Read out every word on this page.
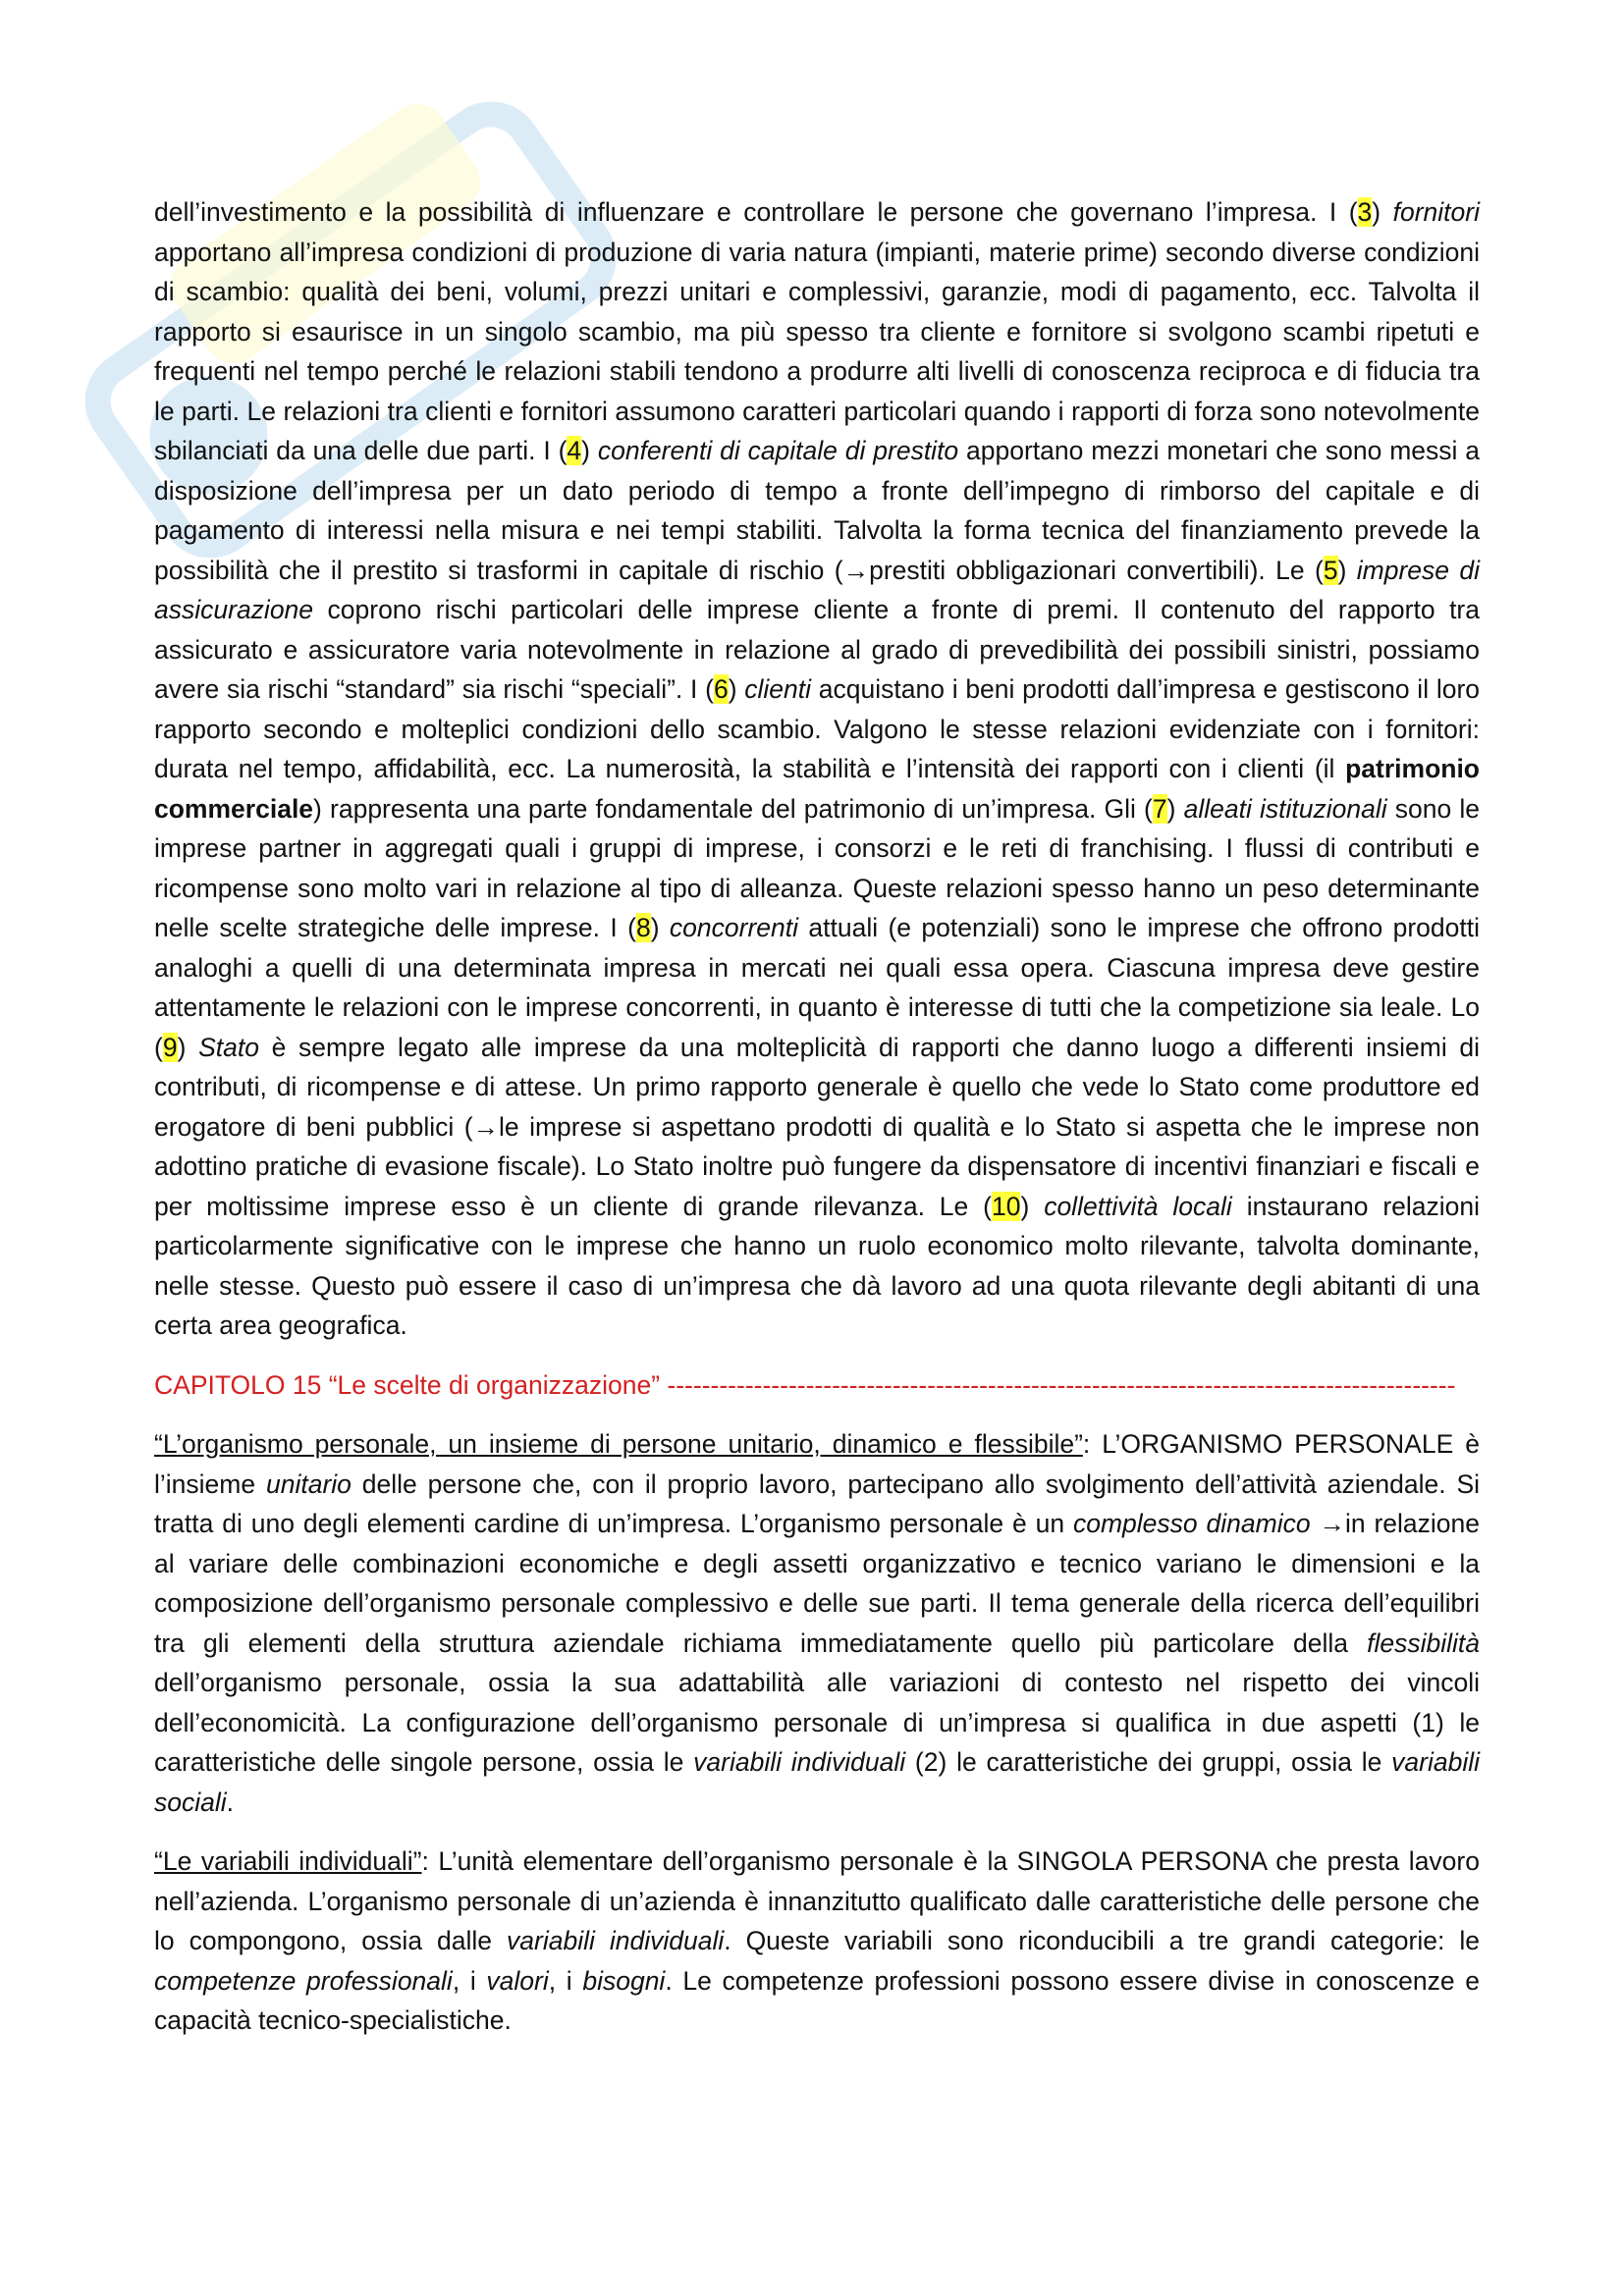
dell’investimento e la possibilità di influenzare e controllare le persone che governano l’impresa. I (3) fornitori apportano all’impresa condizioni di produzione di varia natura (impianti, materie prime) secondo diverse condizioni di scambio: qualità dei beni, volumi, prezzi unitari e complessivi, garanzie, modi di pagamento, ecc. Talvolta il rapporto si esaurisce in un singolo scambio, ma più spesso tra cliente e fornitore si svolgono scambi ripetuti e frequenti nel tempo perché le relazioni stabili tendono a produrre alti livelli di conoscenza reciproca e di fiducia tra le parti. Le relazioni tra clienti e fornitori assumono caratteri particolari quando i rapporti di forza sono notevolmente sbilanciati da una delle due parti. I (4) conferenti di capitale di prestito apportano mezzi monetari che sono messi a disposizione dell’impresa per un dato periodo di tempo a fronte dell’impegno di rimborso del capitale e di pagamento di interessi nella misura e nei tempi stabiliti. Talvolta la forma tecnica del finanziamento prevede la possibilità che il prestito si trasformi in capitale di rischio (→prestiti obbligazionari convertibili). Le (5) imprese di assicurazione coprono rischi particolari delle imprese cliente a fronte di premi. Il contenuto del rapporto tra assicurato e assicuratore varia notevolmente in relazione al grado di prevedibilità dei possibili sinistri, possiamo avere sia rischi “standard” sia rischi “speciali”. I (6) clienti acquistano i beni prodotti dall’impresa e gestiscono il loro rapporto secondo e molteplici condizioni dello scambio. Valgono le stesse relazioni evidenziate con i fornitori: durata nel tempo, affidabilità, ecc. La numerosità, la stabilità e l’intensità dei rapporti con i clienti (il patrimonio commerciale) rappresenta una parte fondamentale del patrimonio di un’impresa. Gli (7) alleati istituzionali sono le imprese partner in aggregati quali i gruppi di imprese, i consorzi e le reti di franchising. I flussi di contributi e ricompense sono molto vari in relazione al tipo di alleanza. Queste relazioni spesso hanno un peso determinante nelle scelte strategiche delle imprese. I (8) concorrenti attuali (e potenziali) sono le imprese che offrono prodotti analoghi a quelli di una determinata impresa in mercati nei quali essa opera. Ciascuna impresa deve gestire attentamente le relazioni con le imprese concorrenti, in quanto è interesse di tutti che la competizione sia leale. Lo (9) Stato è sempre legato alle imprese da una molteplicità di rapporti che danno luogo a differenti insiemi di contributi, di ricompense e di attese. Un primo rapporto generale è quello che vede lo Stato come produttore ed erogatore di beni pubblici (→le imprese si aspettano prodotti di qualità e lo Stato si aspetta che le imprese non adottino pratiche di evasione fiscale). Lo Stato inoltre può fungere da dispensatore di incentivi finanziari e fiscali e per moltissime imprese esso è un cliente di grande rilevanza. Le (10) collettività locali instaurano relazioni particolarmente significative con le imprese che hanno un ruolo economico molto rilevante, talvolta dominante, nelle stesse. Questo può essere il caso di un’impresa che dà lavoro ad una quota rilevante degli abitanti di una certa area geografica.

CAPITOLO 15 “Le scelte di organizzazione” -------------------------------------------------------------------------------------------

“L’organismo personale, un insieme di persone unitario, dinamico e flessibile”: L’ORGANISMO PERSONALE è l’insieme unitario delle persone che, con il proprio lavoro, partecipano allo svolgimento dell’attività aziendale. Si tratta di uno degli elementi cardine di un’impresa. L’organismo personale è un complesso dinamico →in relazione al variare delle combinazioni economiche e degli assetti organizzativo e tecnico variano le dimensioni e la composizione dell’organismo personale complessivo e delle sue parti. Il tema generale della ricerca dell’equilibri tra gli elementi della struttura aziendale richiama immediatamente quello più particolare della flessibilità dell’organismo personale, ossia la sua adattabilità alle variazioni di contesto nel rispetto dei vincoli dell’economicità. La configurazione dell’organismo personale di un’impresa si qualifica in due aspetti (1) le caratteristiche delle singole persone, ossia le variabili individuali (2) le caratteristiche dei gruppi, ossia le variabili sociali.

“Le variabili individuali”: L’unità elementare dell’organismo personale è la SINGOLA PERSONA che presta lavoro nell’azienda. L’organismo personale di un’azienda è innanzitutto qualificato dalle caratteristiche delle persone che lo compongono, ossia dalle variabili individuali. Queste variabili sono riconducibili a tre grandi categorie: le competenze professionali, i valori, i bisogni. Le competenze professioni possono essere divise in conoscenze e capacità tecnico-specialistiche.
